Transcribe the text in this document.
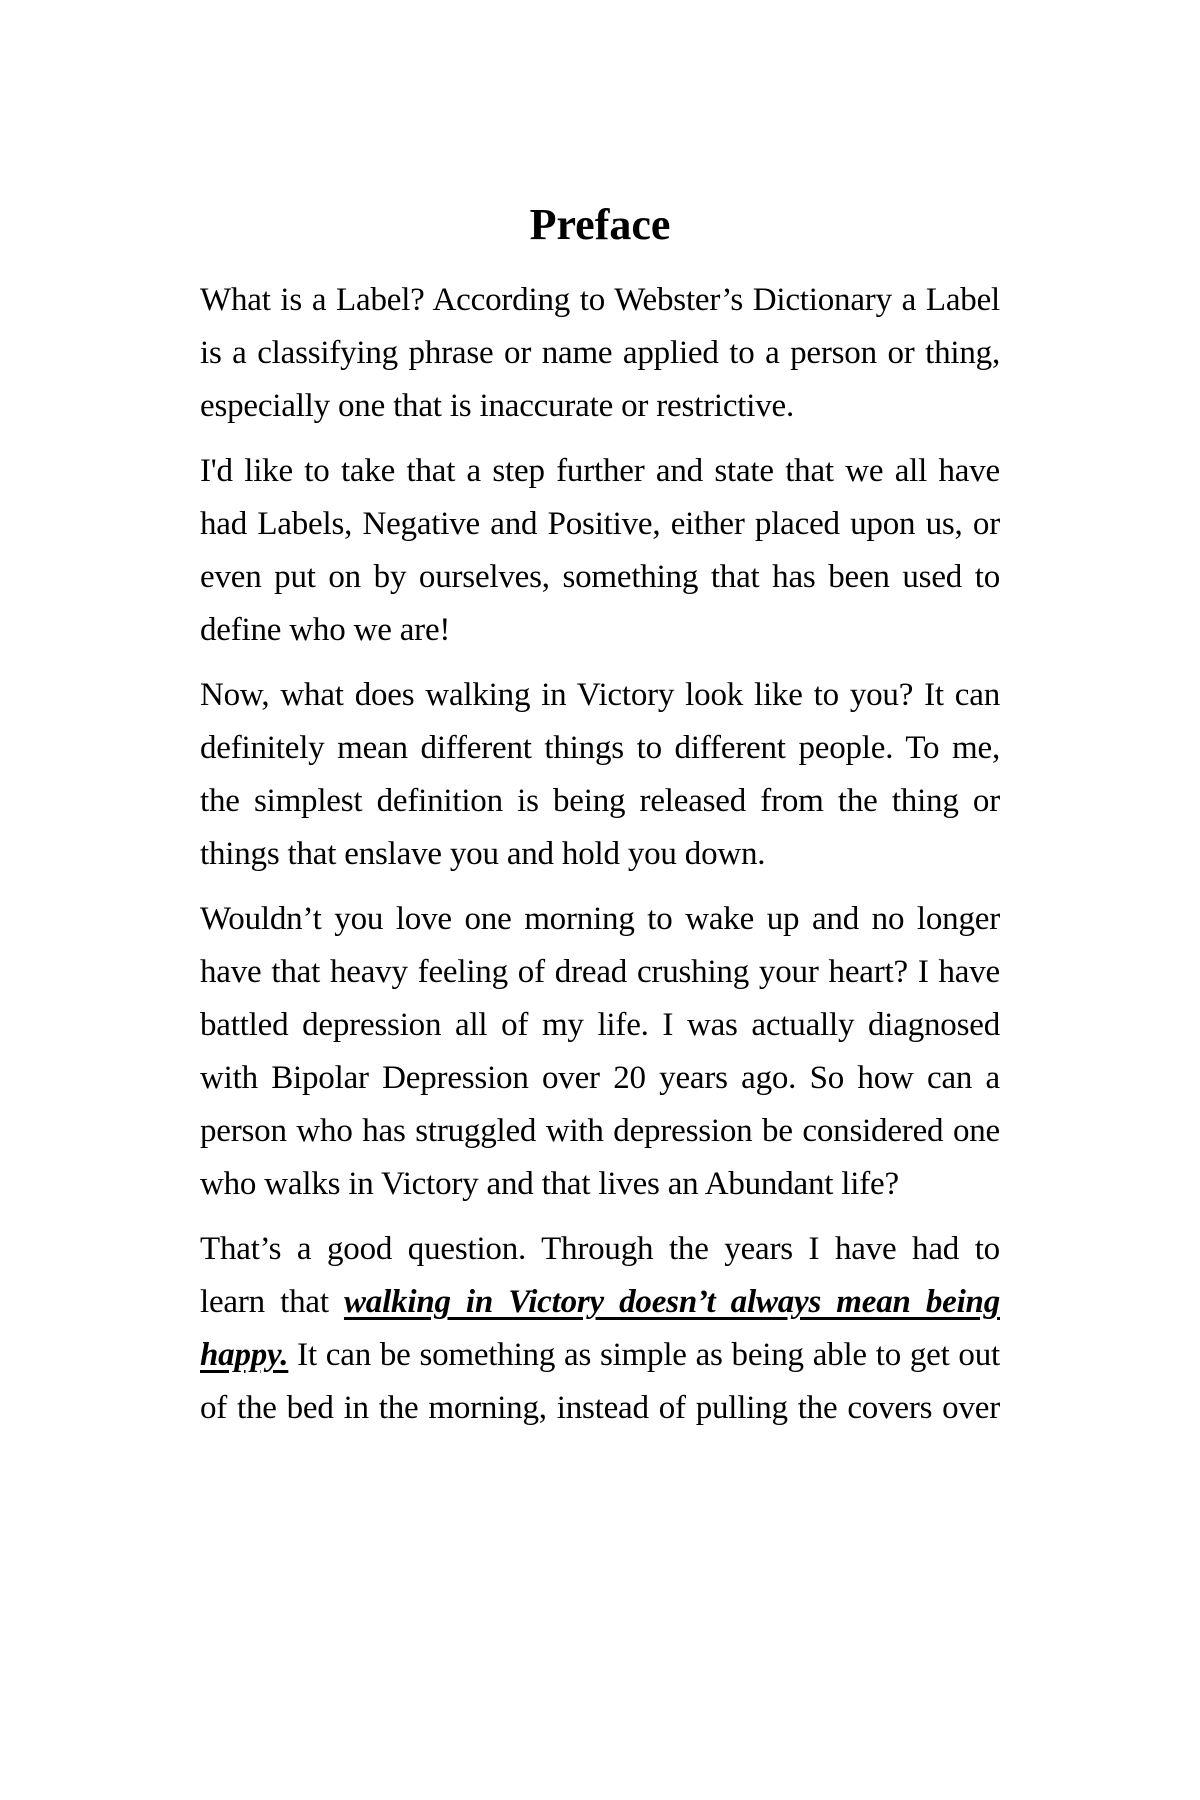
Preface
What is a Label? According to Webster’s Dictionary a Label
is a classifying phrase or name applied to a person or thing,
especially one that is inaccurate or restrictive.
I'd like to take that a step further and state that we all have
had Labels, Negative and Positive, either placed upon us, or
even put on by ourselves, something that has been used to
define who we are!
Now, what does walking in Victory look like to you? It can
definitely mean different things to different people. To me,
the simplest definition is being released from the thing or
things that enslave you and hold you down.
Wouldn’t you love one morning to wake up and no longer
have that heavy feeling of dread crushing your heart? I have
battled depression all of my life. I was actually diagnosed
with Bipolar Depression over 20 years ago. So how can a
person who has struggled with depression be considered one
who walks in Victory and that lives an Abundant life?
That’s a good question. Through the years I have had to
learn that walking in Victory doesn’t always mean being
happy. It can be something as simple as being able to get out
of the bed in the morning, instead of pulling the covers over
